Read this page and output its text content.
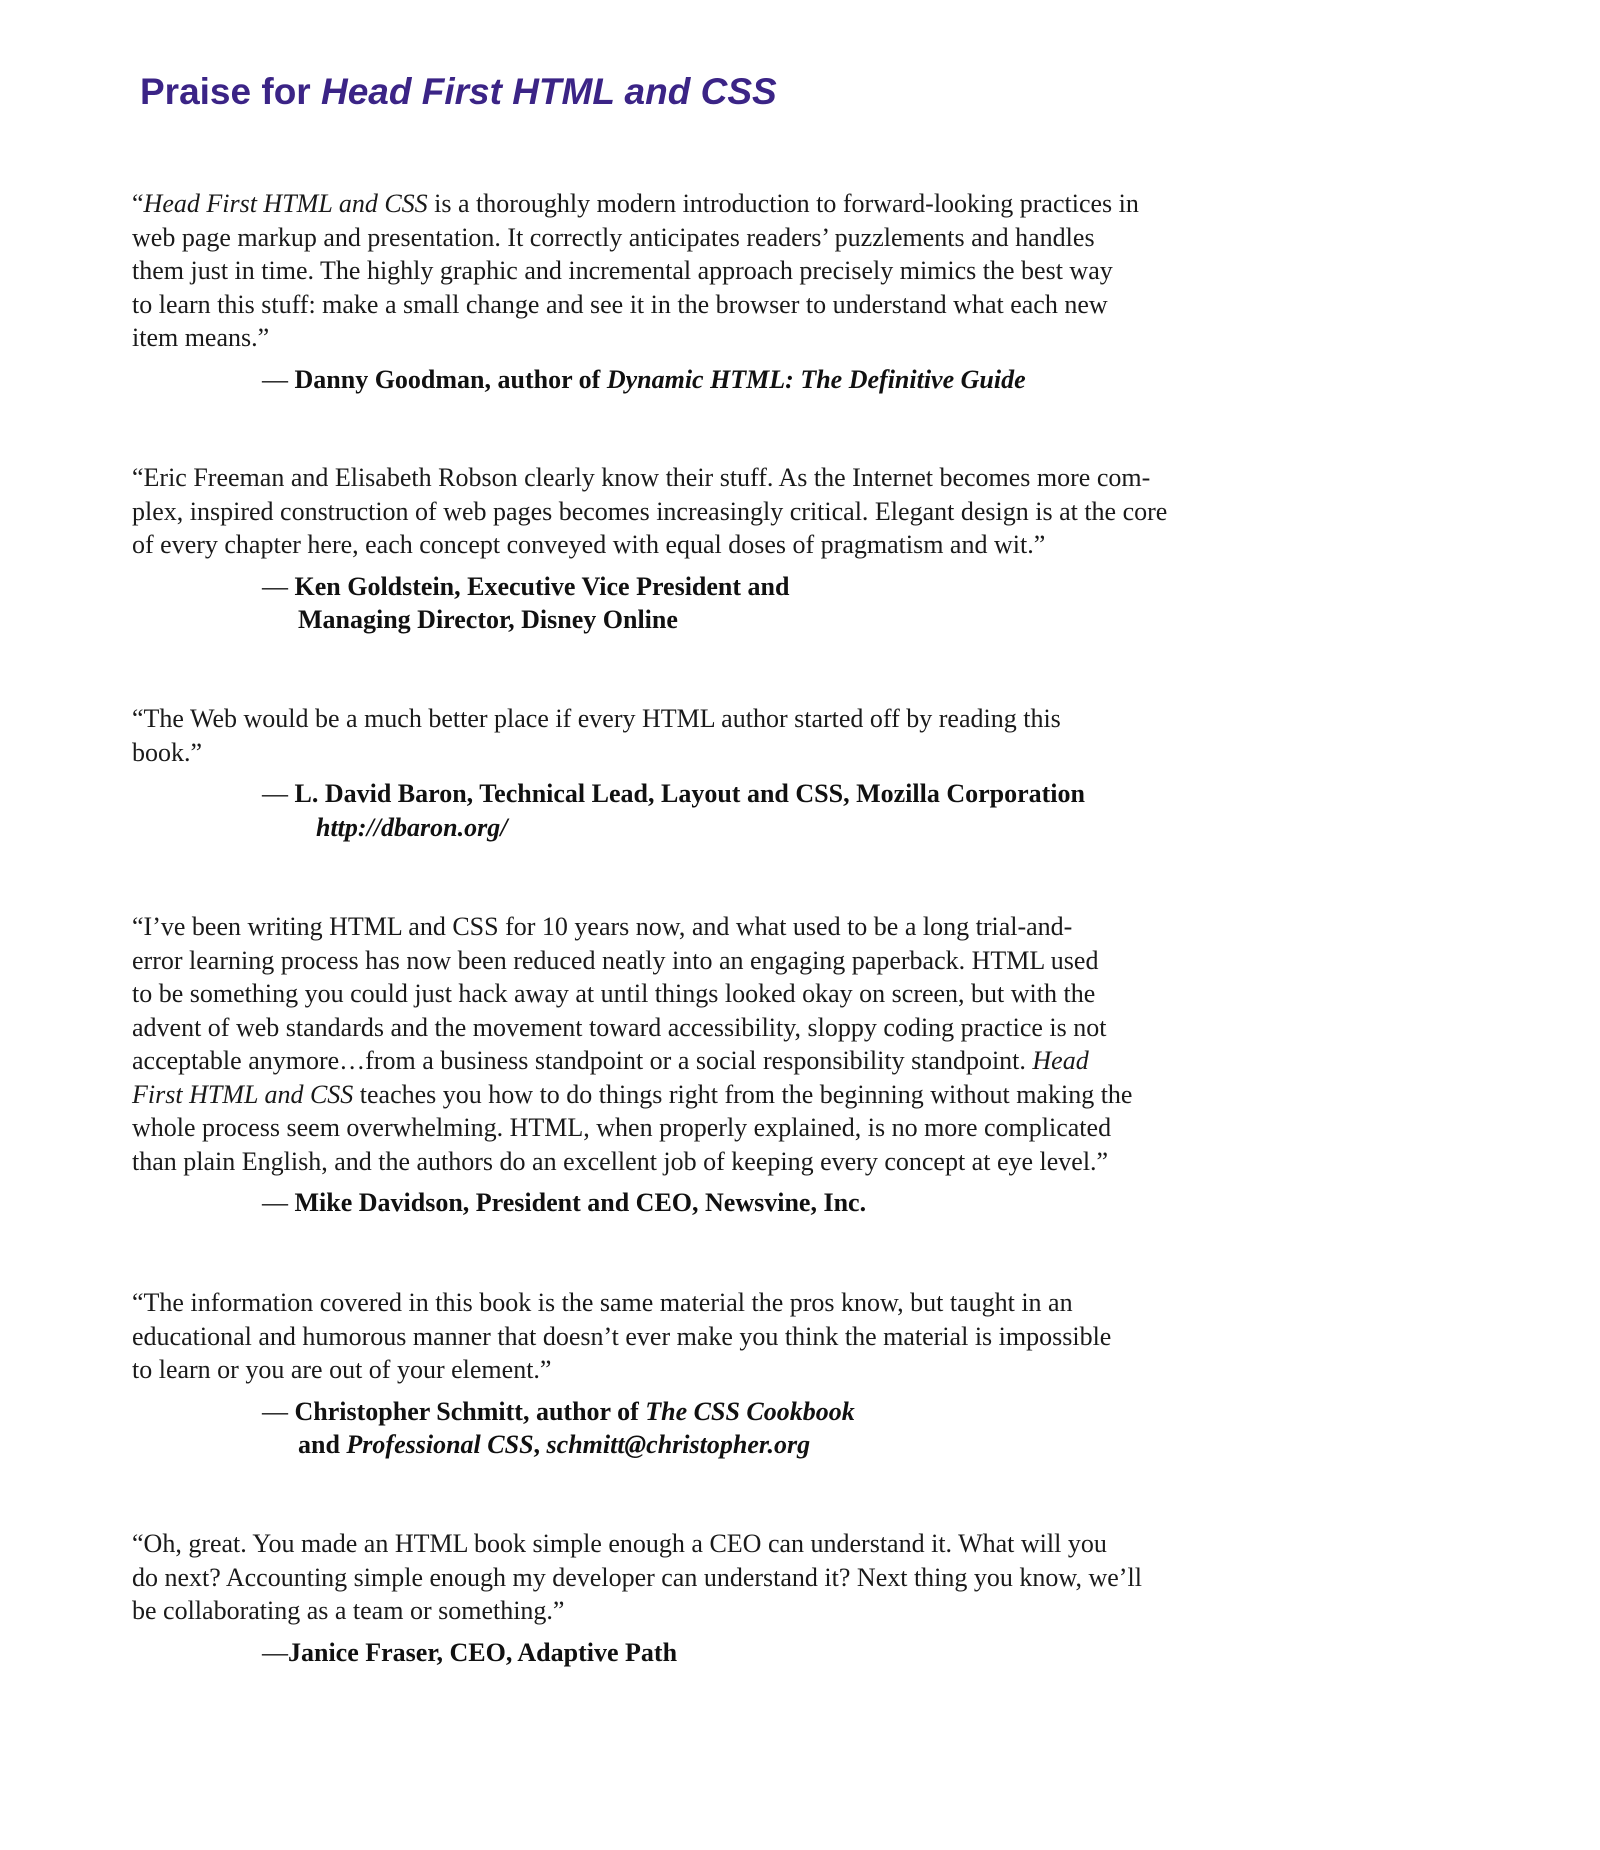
Praise for Head First HTML and CSS

“Head First HTML and CSS is a thoroughly modern introduction to forward-looking practices in
web page markup and presentation. It correctly anticipates readers’ puzzlements and handles
them just in time. The highly graphic and incremental approach precisely mimics the best way
to learn this stuff: make a small change and see it in the browser to understand what each new
item means.”

— Danny Goodman, author of Dynamic HTML: The Definitive Guide

“Eric Freeman and Elisabeth Robson clearly know their stuff. As the Internet becomes more com-
plex, inspired construction of web pages becomes increasingly critical. Elegant design is at the core
of every chapter here, each concept conveyed with equal doses of pragmatism and wit.”

— Ken Goldstein, Executive Vice President and
Managing Director, Disney Online

“The Web would be a much better place if every HTML author started off by reading this
book.”

— L. David Baron, Technical Lead, Layout and CSS, Mozilla Corporation
http://dbaron.org/

“I’ve been writing HTML and CSS for 10 years now, and what used to be a long trial-and-
error learning process has now been reduced neatly into an engaging paperback. HTML used
to be something you could just hack away at until things looked okay on screen, but with the
advent of web standards and the movement toward accessibility, sloppy coding practice is not
acceptable anymore…from a business standpoint or a social responsibility standpoint. Head
First HTML and CSS teaches you how to do things right from the beginning without making the
whole process seem overwhelming. HTML, when properly explained, is no more complicated
than plain English, and the authors do an excellent job of keeping every concept at eye level.”

— Mike Davidson, President and CEO, Newsvine, Inc.

“The information covered in this book is the same material the pros know, but taught in an
educational and humorous manner that doesn’t ever make you think the material is impossible
to learn or you are out of your element.”

— Christopher Schmitt, author of The CSS Cookbook
and Professional CSS, schmitt@christopher.org

“Oh, great. You made an HTML book simple enough a CEO can understand it. What will you
do next? Accounting simple enough my developer can understand it? Next thing you know, we’ll
be collaborating as a team or something.”

—Janice Fraser, CEO, Adaptive Path
